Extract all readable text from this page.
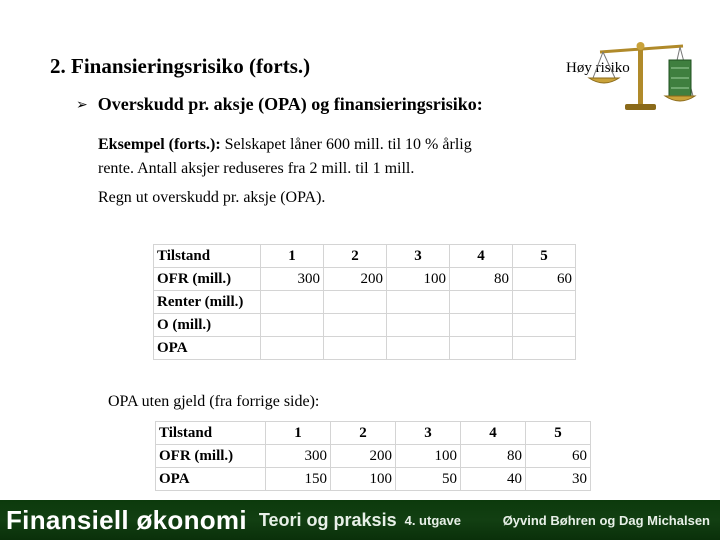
2. Finansieringsrisiko (forts.)	Høy risiko
➢ Overskudd pr. aksje (OPA) og finansieringsrisiko:
Eksempel (forts.): Selskapet låner 600 mill. til 10 % årlig
rente. Antall aksjer reduseres fra 2 mill. til 1 mill.
Regn ut overskudd pr. aksje (OPA).
Tilstand	1	2	3	4	5
OFR (mill.)	300	200	100	80	60
Renter (mill.)					
O (mill.)					
OPA					
OPA uten gjeld (fra forrige side):
Tilstand	1	2	3	4	5
OFR (mill.)	300	200	100	80	60
OPA	150	100	50	40	30
Finansiell økonomi Teori og praksis 4. utgave	Øyvind Bøhren og Dag Michalsen
